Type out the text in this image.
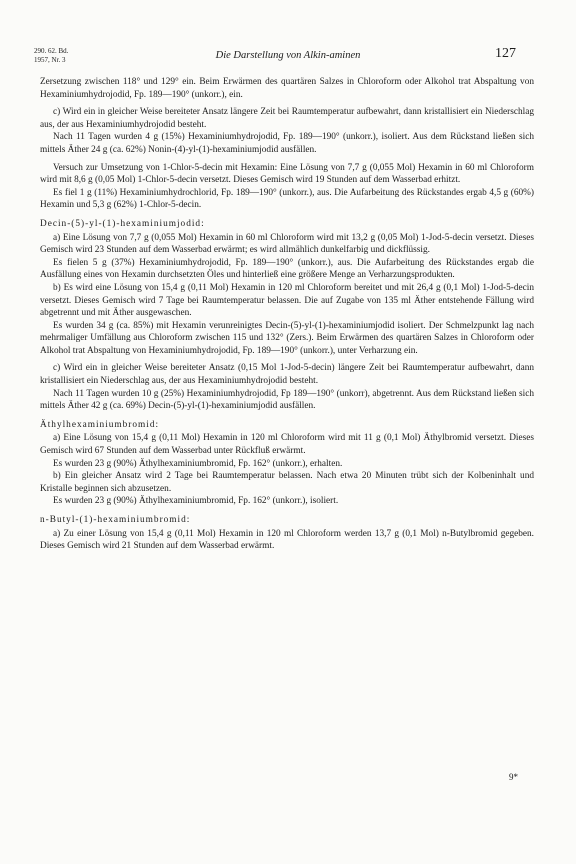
290. 62. Bd.
1957, Nr. 3	Die Darstellung von Alkin-aminen	127

Zersetzung zwischen 118° und 129° ein. Beim Erwärmen des quartären Salzes in Chloroform oder Alkohol trat Abspaltung von Hexaminiumhydrojodid, Fp. 189—190° (unkorr.), ein.

c) Wird ein in gleicher Weise bereiteter Ansatz längere Zeit bei Raumtemperatur aufbewahrt, dann kristallisiert ein Niederschlag aus, der aus Hexaminiumhydrojodid besteht.

Nach 11 Tagen wurden 4 g (15%) Hexaminiumhydrojodid, Fp. 189—190° (unkorr.), isoliert. Aus dem Rückstand ließen sich mittels Äther 24 g (ca. 62%) Nonin-(4)-yl-(1)-hexaminiumjodid ausfällen.

Versuch zur Umsetzung von 1-Chlor-5-decin mit Hexamin: Eine Lösung von 7,7 g (0,055 Mol) Hexamin in 60 ml Chloroform wird mit 8,6 g (0,05 Mol) 1-Chlor-5-decin versetzt. Dieses Gemisch wird 19 Stunden auf dem Wasserbad erhitzt.

Es fiel 1 g (11%) Hexaminiumhydrochlorid, Fp. 189—190° (unkorr.), aus. Die Aufarbeitung des Rückstandes ergab 4,5 g (60%) Hexamin und 5,3 g (62%) 1-Chlor-5-decin.

Decin-(5)-yl-(1)-hexaminiumjodid:

a) Eine Lösung von 7,7 g (0,055 Mol) Hexamin in 60 ml Chloroform wird mit 13,2 g (0,05 Mol) 1-Jod-5-decin versetzt. Dieses Gemisch wird 23 Stunden auf dem Wasserbad erwärmt; es wird allmählich dunkelfarbig und dickflüssig.

Es fielen 5 g (37%) Hexaminiumhydrojodid, Fp. 189—190° (unkorr.), aus. Die Aufarbeitung des Rückstandes ergab die Ausfällung eines von Hexamin durchsetzten Öles und hinterließ eine größere Menge an Verharzungsprodukten.

b) Es wird eine Lösung von 15,4 g (0,11 Mol) Hexamin in 120 ml Chloroform bereitet und mit 26,4 g (0,1 Mol) 1-Jod-5-decin versetzt. Dieses Gemisch wird 7 Tage bei Raumtemperatur belassen. Die auf Zugabe von 135 ml Äther entstehende Fällung wird abgetrennt und mit Äther ausgewaschen.

Es wurden 34 g (ca. 85%) mit Hexamin verunreinigtes Decin-(5)-yl-(1)-hexaminiumjodid isoliert. Der Schmelzpunkt lag nach mehrmaliger Umfällung aus Chloroform zwischen 115 und 132° (Zers.). Beim Erwärmen des quartären Salzes in Chloroform oder Alkohol trat Abspaltung von Hexaminiumhydrojodid, Fp. 189—190° (unkorr.), unter Verharzung ein.

c) Wird ein in gleicher Weise bereiteter Ansatz (0,15 Mol 1-Jod-5-decin) längere Zeit bei Raumtemperatur aufbewahrt, dann kristallisiert ein Niederschlag aus, der aus Hexaminiumhydrojodid besteht.

Nach 11 Tagen wurden 10 g (25%) Hexaminiumhydrojodid, Fp 189—190° (unkorr), abgetrennt. Aus dem Rückstand ließen sich mittels Äther 42 g (ca. 69%) Decin-(5)-yl-(1)-hexaminiumjodid ausfällen.

Äthylhexaminiumbromid:

a) Eine Lösung von 15,4 g (0,11 Mol) Hexamin in 120 ml Chloroform wird mit 11 g (0,1 Mol) Äthylbromid versetzt. Dieses Gemisch wird 67 Stunden auf dem Wasserbad unter Rückfluß erwärmt.

Es wurden 23 g (90%) Äthylhexaminiumbromid, Fp. 162° (unkorr.), erhalten.

b) Ein gleicher Ansatz wird 2 Tage bei Raumtemperatur belassen. Nach etwa 20 Minuten trübt sich der Kolbeninhalt und Kristalle beginnen sich abzusetzen.

Es wurden 23 g (90%) Äthylhexaminiumbromid, Fp. 162° (unkorr.), isoliert.

n-Butyl-(1)-hexaminiumbromid:

a) Zu einer Lösung von 15,4 g (0,11 Mol) Hexamin in 120 ml Chloroform werden 13,7 g (0,1 Mol) n-Butylbromid gegeben. Dieses Gemisch wird 21 Stunden auf dem Wasserbad erwärmt.

9*
